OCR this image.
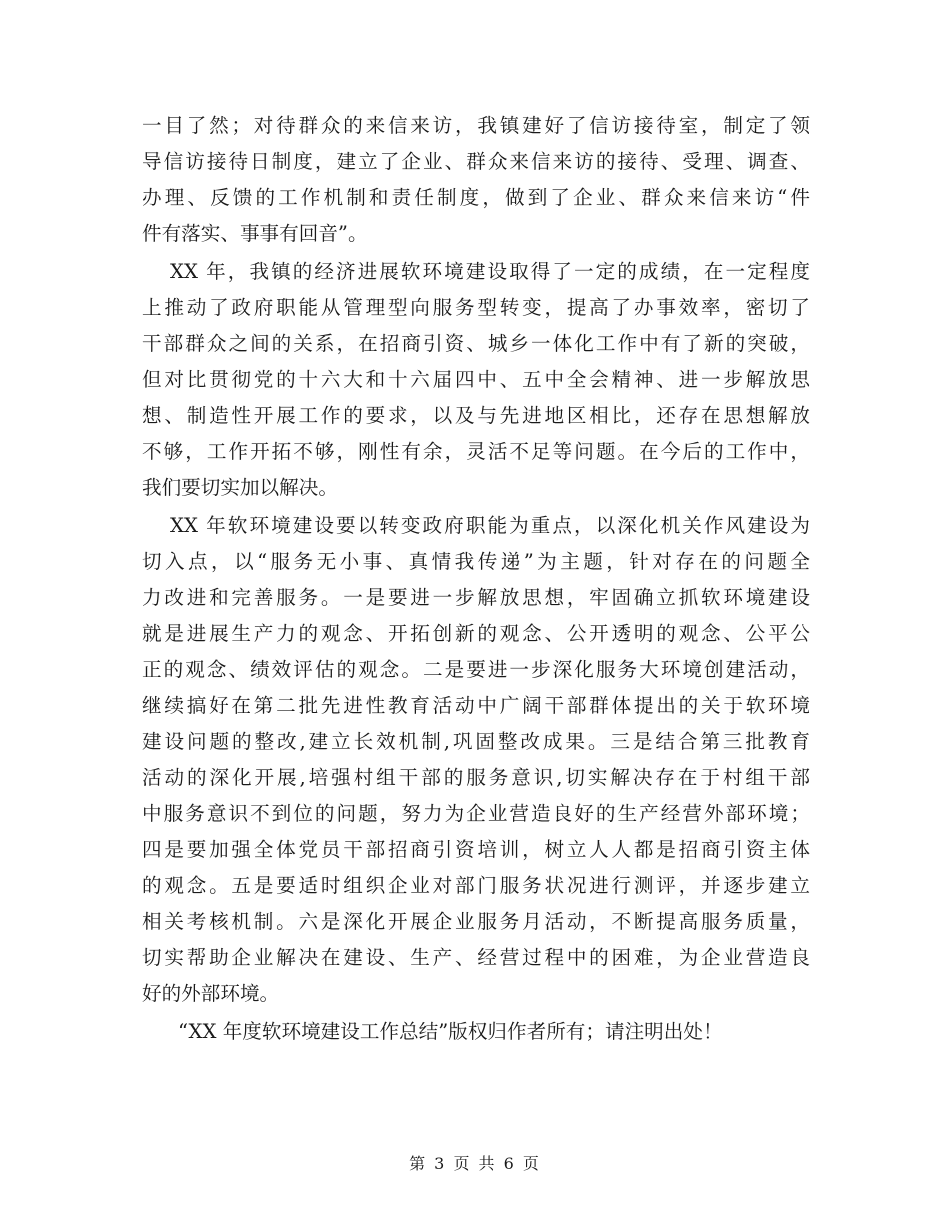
一目了然；对待群众的来信来访，我镇建好了信访接待室，制定了领
导信访接待日制度，建立了企业、群众来信来访的接待、受理、调查、
办理、反馈的工作机制和责任制度，做到了企业、群众来信来访“件
件有落实、事事有回音”。
XX 年，我镇的经济进展软环境建设取得了一定的成绩，在一定程度
上推动了政府职能从管理型向服务型转变，提高了办事效率，密切了
干部群众之间的关系，在招商引资、城乡一体化工作中有了新的突破，
但对比贯彻党的十六大和十六届四中、五中全会精神、进一步解放思
想、制造性开展工作的要求，以及与先进地区相比，还存在思想解放
不够，工作开拓不够，刚性有余，灵活不足等问题。在今后的工作中，
我们要切实加以解决。
XX 年软环境建设要以转变政府职能为重点，以深化机关作风建设为
切入点，以“服务无小事、真情我传递”为主题，针对存在的问题全
力改进和完善服务。一是要进一步解放思想，牢固确立抓软环境建设
就是进展生产力的观念、开拓创新的观念、公开透明的观念、公平公
正的观念、绩效评估的观念。二是要进一步深化服务大环境创建活动，
继续搞好在第二批先进性教育活动中广阔干部群体提出的关于软环境
建设问题的整改,建立长效机制,巩固整改成果。三是结合第三批教育
活动的深化开展,培强村组干部的服务意识,切实解决存在于村组干部
中服务意识不到位的问题，努力为企业营造良好的生产经营外部环境；
四是要加强全体党员干部招商引资培训，树立人人都是招商引资主体
的观念。五是要适时组织企业对部门服务状况进行测评，并逐步建立
相关考核机制。六是深化开展企业服务月活动，不断提高服务质量，
切实帮助企业解决在建设、生产、经营过程中的困难，为企业营造良
好的外部环境。
“XX 年度软环境建设工作总结”版权归作者所有；请注明出处！
第 3 页 共 6 页
